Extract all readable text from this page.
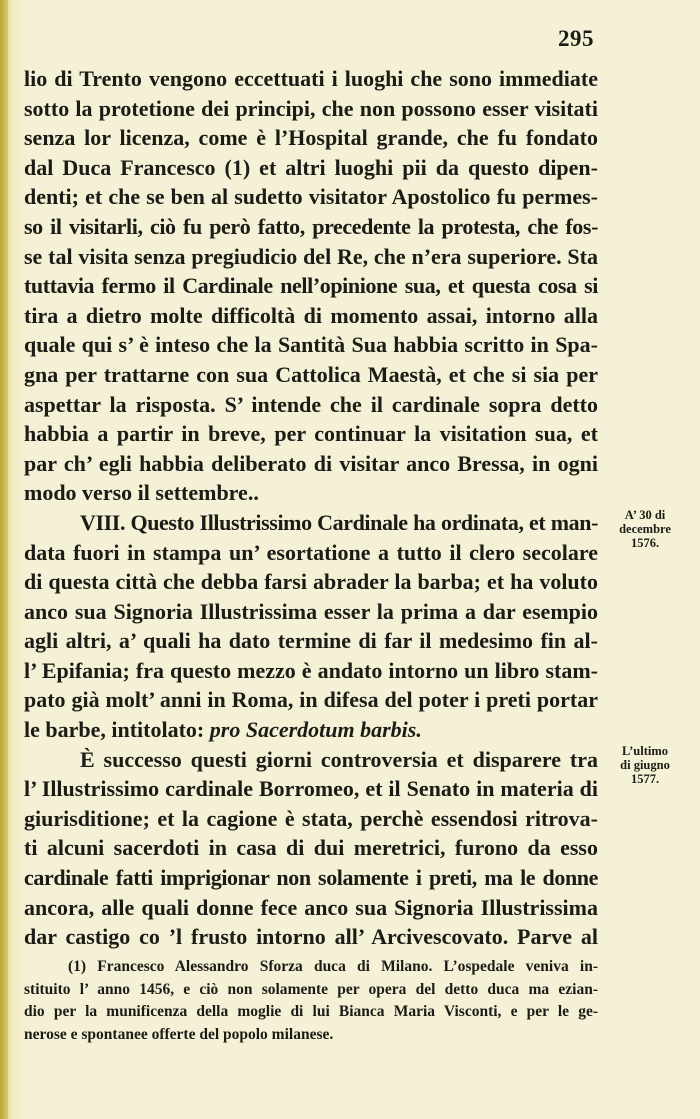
295
lio di Trento vengono eccettuati i luoghi che sono immediate
sotto la protetione dei principi, che non possono esser visitati
senza lor licenza, come è l’Hospital grande, che fu fondato
dal Duca Francesco (1) et altri luoghi pii da questo dipen-
denti; et che se ben al sudetto visitator Apostolico fu permes-
so il visitarli, ciò fu però fatto, precedente la protesta, che fos-
se tal visita senza pregiudicio del Re, che n’era superiore. Sta
tuttavia fermo il Cardinale nell’opinione sua, et questa cosa si
tira a dietro molte difficoltà di momento assai, intorno alla
quale qui s’ è inteso che la Santità Sua habbia scritto in Spa-
gna per trattarne con sua Cattolica Maestà, et che si sia per
aspettar la risposta. S’ intende che il cardinale sopra detto
habbia a partir in breve, per continuar la visitation sua, et
par ch’ egli habbia deliberato di visitar anco Bressa, in ogni
modo verso il settembre..
VIII. Questo Illustrissimo Cardinale ha ordinata, et man-
data fuori in stampa un’ esortatione a tutto il clero secolare
di questa città che debba farsi abrader la barba; et ha voluto
anco sua Signoria Illustrissima esser la prima a dar esempio
agli altri, a’ quali ha dato termine di far il medesimo fin al-
l’ Epifania; fra questo mezzo è andato intorno un libro stam-
pato già molt’ anni in Roma, in difesa del poter i preti portar
le barbe, intitolato: pro Sacerdotum barbis.
È successo questi giorni controversia et disparere tra
l’ Illustrissimo cardinale Borromeo, et il Senato in materia di
giurisditione; et la cagione è stata, perchè essendosi ritrova-
ti alcuni sacerdoti in casa di dui meretrici, furono da esso
cardinale fatti imprigionar non solamente i preti, ma le donne
ancora, alle quali donne fece anco sua Signoria Illustrissima
dar castigo co ’l frusto intorno all’ Arcivescovato. Parve al
A’ 30 di
decembre
1576.
L’ultimo
di giugno
1577.
(1) Francesco Alessandro Sforza duca di Milano. L’ospedale veniva in-
stituito l’ anno 1456, e ciò non solamente per opera del detto duca ma ezian-
dio per la munificenza della moglie di lui Bianca Maria Visconti, e per le ge-
nerose e spontanee offerte del popolo milanese.
